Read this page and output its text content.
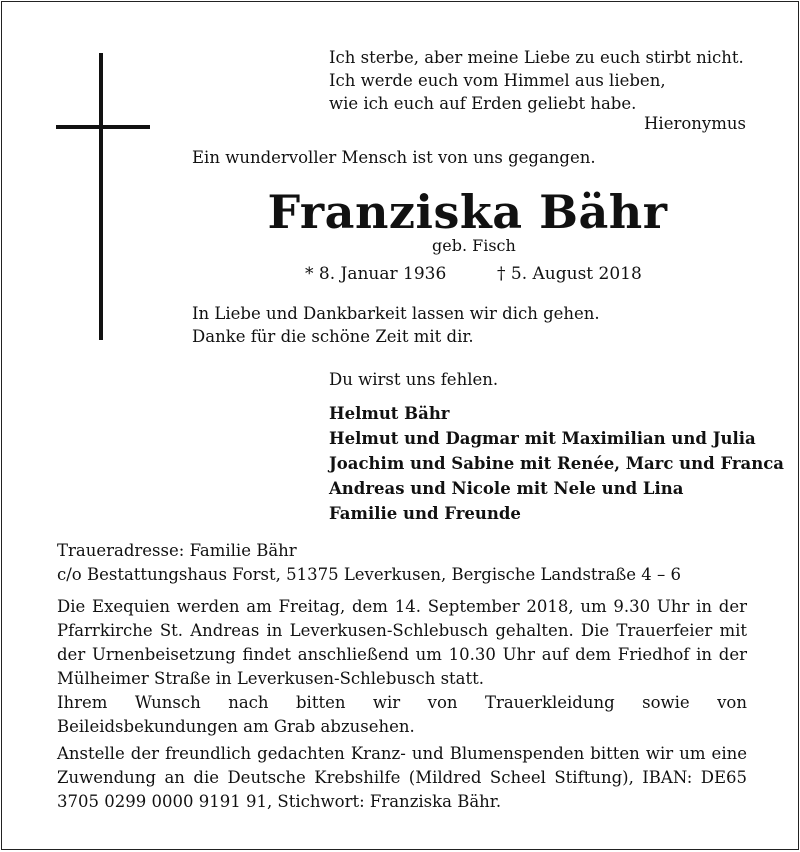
Ich sterbe, aber meine Liebe zu euch stirbt nicht.
Ich werde euch vom Himmel aus lieben,
wie ich euch auf Erden geliebt habe.
Hieronymus
Ein wundervoller Mensch ist von uns gegangen.
Franziska Bähr
geb. Fisch
* 8. Januar 1936	† 5. August 2018
In Liebe und Dankbarkeit lassen wir dich gehen.
Danke für die schöne Zeit mit dir.
Du wirst uns fehlen.
Helmut Bähr
Helmut und Dagmar mit Maximilian und Julia
Joachim und Sabine mit Renée, Marc und Franca
Andreas und Nicole mit Nele und Lina
Familie und Freunde
Traueradresse: Familie Bähr
c/o Bestattungshaus Forst, 51375 Leverkusen, Bergische Landstraße 4 – 6
Die Exequien werden am Freitag, dem 14. September 2018, um 9.30 Uhr in der Pfarrkirche St. Andreas in Leverkusen-Schlebusch gehalten. Die Trauerfeier mit der Urnenbeisetzung findet anschließend um 10.30 Uhr auf dem Friedhof in der Mülheimer Straße in Leverkusen-Schlebusch statt.
Ihrem Wunsch nach bitten wir von Trauerkleidung sowie von Beileidsbekundungen am Grab abzusehen.
Anstelle der freundlich gedachten Kranz- und Blumenspenden bitten wir um eine Zuwendung an die Deutsche Krebshilfe (Mildred Scheel Stiftung), IBAN: DE65 3705 0299 0000 9191 91, Stichwort: Franziska Bähr.
